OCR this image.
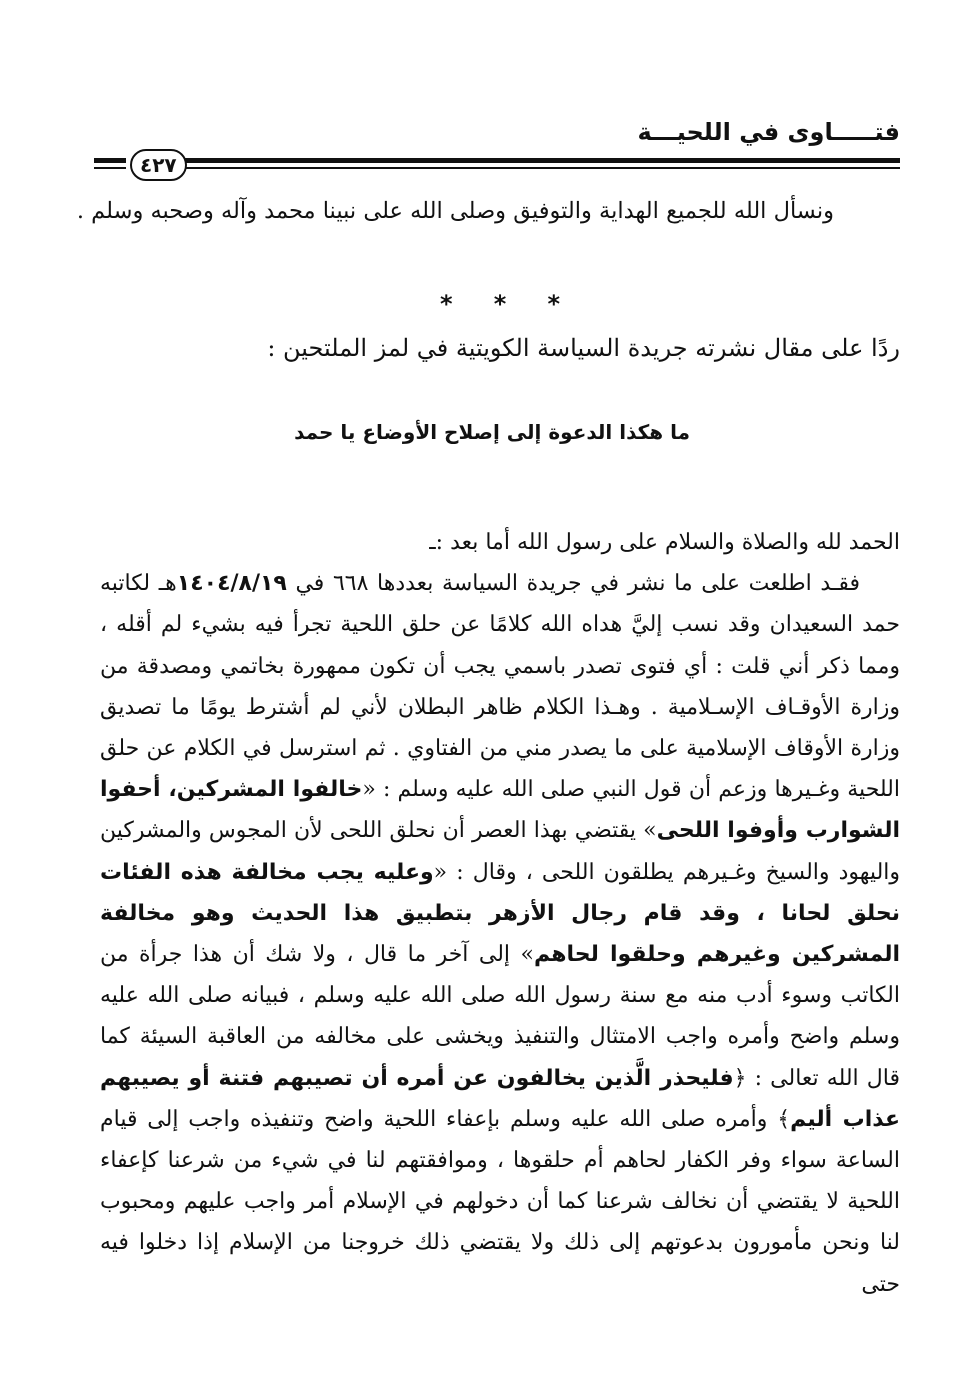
فتـــــاوى في اللحيـــة
٤٢٧
ونسأل الله للجميع الهداية والتوفيق وصلى الله على نبينا محمد وآله وصحبه وسلم .
*
*
*
ردًا على مقال نشرته جريدة السياسة الكويتية في لمز الملتحين :
ما هكذا الدعوة إلى إصلاح الأوضاع يا حمد

الحمد لله والصلاة والسلام على رسول الله أما بعد :ـ

فقـد اطلعت على ما نشر في جريدة السياسة بعددها ٦٦٨ في ١٤٠٤/٨/١٩هـ لكاتبه حمد السعيدان وقد نسب إليَّ هداه الله كلامًا عن حلق اللحية تجرأ فيه بشيء لم أقله ، ومما ذكر أني قلت : أي فتوى تصدر باسمي يجب أن تكون ممهورة بخاتمي ومصدقة من وزارة الأوقـاف الإسـلامية . وهـذا الكلام ظاهر البطلان لأني لم أشترط يومًا ما تصديق وزارة الأوقاف الإسلامية على ما يصدر مني من الفتاوي . ثم استرسل في الكلام عن حلق اللحية وغـيرها وزعم أن قول النبي صلى الله عليه وسلم : «خالفوا المشركين، أحفوا الشوارب وأوفوا اللحى» يقتضي بهذا العصر أن نحلق اللحى لأن المجوس والمشركين واليهود والسيخ وغـيرهم يطلقون اللحى ، وقال : «وعليه يجب مخالفة هذه الفئات نحلق لحانا ، وقد قام رجال الأزهر بتطبيق هذا الحديث وهو مخالفة المشركين وغيرهم وحلقوا لحاهم» إلى آخر ما قال ، ولا شك أن هذا جرأة من الكاتب وسوء أدب منه مع سنة رسول الله صلى الله عليه وسلم ، فبيانه صلى الله عليه وسلم واضح وأمره واجب الامتثال والتنفيذ ويخشى على مخالفه من العاقبة السيئة كما قال الله تعالى : ﴿فليحذر الَّذين يخالفون عن أمره أن تصيبهم فتنة أو يصيبهم عذاب أليم﴾ وأمره صلى الله عليه وسلم بإعفاء اللحية واضح وتنفيذه واجب إلى قيام الساعة سواء وفر الكفار لحاهم أم حلقوها ، وموافقتهم لنا في شيء من شرعنا كإعفاء اللحية لا يقتضي أن نخالف شرعنا كما أن دخولهم في الإسلام أمر واجب عليهم ومحبوب لنا ونحن مأمورون بدعوتهم إلى ذلك ولا يقتضي ذلك خروجنا من الإسلام إذا دخلوا فيه حتى
